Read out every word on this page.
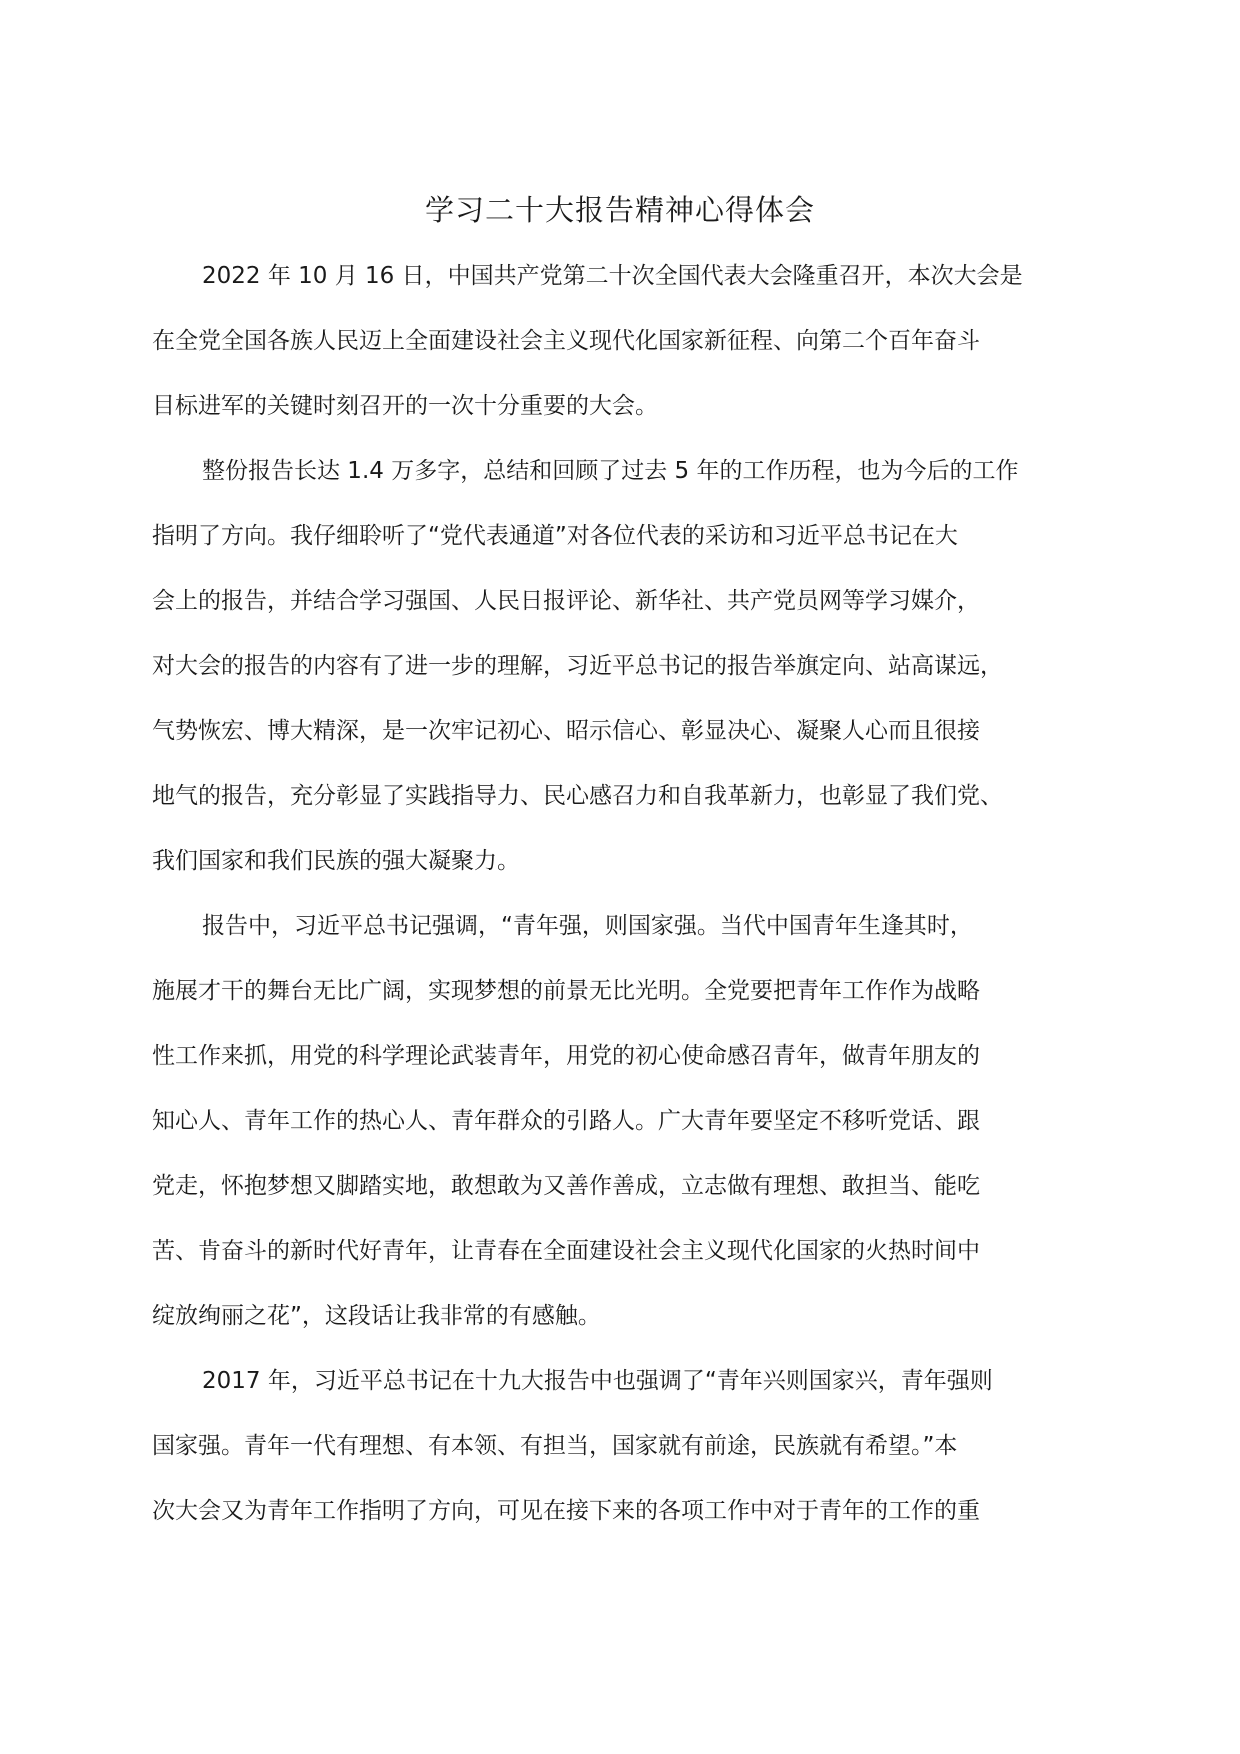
学习二十大报告精神心得体会
2022 年 10 月 16 日，中国共产党第二十次全国代表大会隆重召开，本次大会是
在全党全国各族人民迈上全面建设社会主义现代化国家新征程、向第二个百年奋斗
目标进军的关键时刻召开的一次十分重要的大会。
整份报告长达 1.4 万多字，总结和回顾了过去 5 年的工作历程，也为今后的工作
指明了方向。我仔细聆听了“党代表通道”对各位代表的采访和习近平总书记在大
会上的报告，并结合学习强国、人民日报评论、新华社、共产党员网等学习媒介，
对大会的报告的内容有了进一步的理解，习近平总书记的报告举旗定向、站高谋远，
气势恢宏、博大精深，是一次牢记初心、昭示信心、彰显决心、凝聚人心而且很接
地气的报告，充分彰显了实践指导力、民心感召力和自我革新力，也彰显了我们党、
我们国家和我们民族的强大凝聚力。
报告中，习近平总书记强调，“青年强，则国家强。当代中国青年生逢其时，
施展才干的舞台无比广阔，实现梦想的前景无比光明。全党要把青年工作作为战略
性工作来抓，用党的科学理论武装青年，用党的初心使命感召青年，做青年朋友的
知心人、青年工作的热心人、青年群众的引路人。广大青年要坚定不移听党话、跟
党走，怀抱梦想又脚踏实地，敢想敢为又善作善成，立志做有理想、敢担当、能吃
苦、肯奋斗的新时代好青年，让青春在全面建设社会主义现代化国家的火热时间中
绽放绚丽之花”，这段话让我非常的有感触。
2017 年，习近平总书记在十九大报告中也强调了“青年兴则国家兴，青年强则
国家强。青年一代有理想、有本领、有担当，国家就有前途，民族就有希望。”本
次大会又为青年工作指明了方向，可见在接下来的各项工作中对于青年的工作的重
